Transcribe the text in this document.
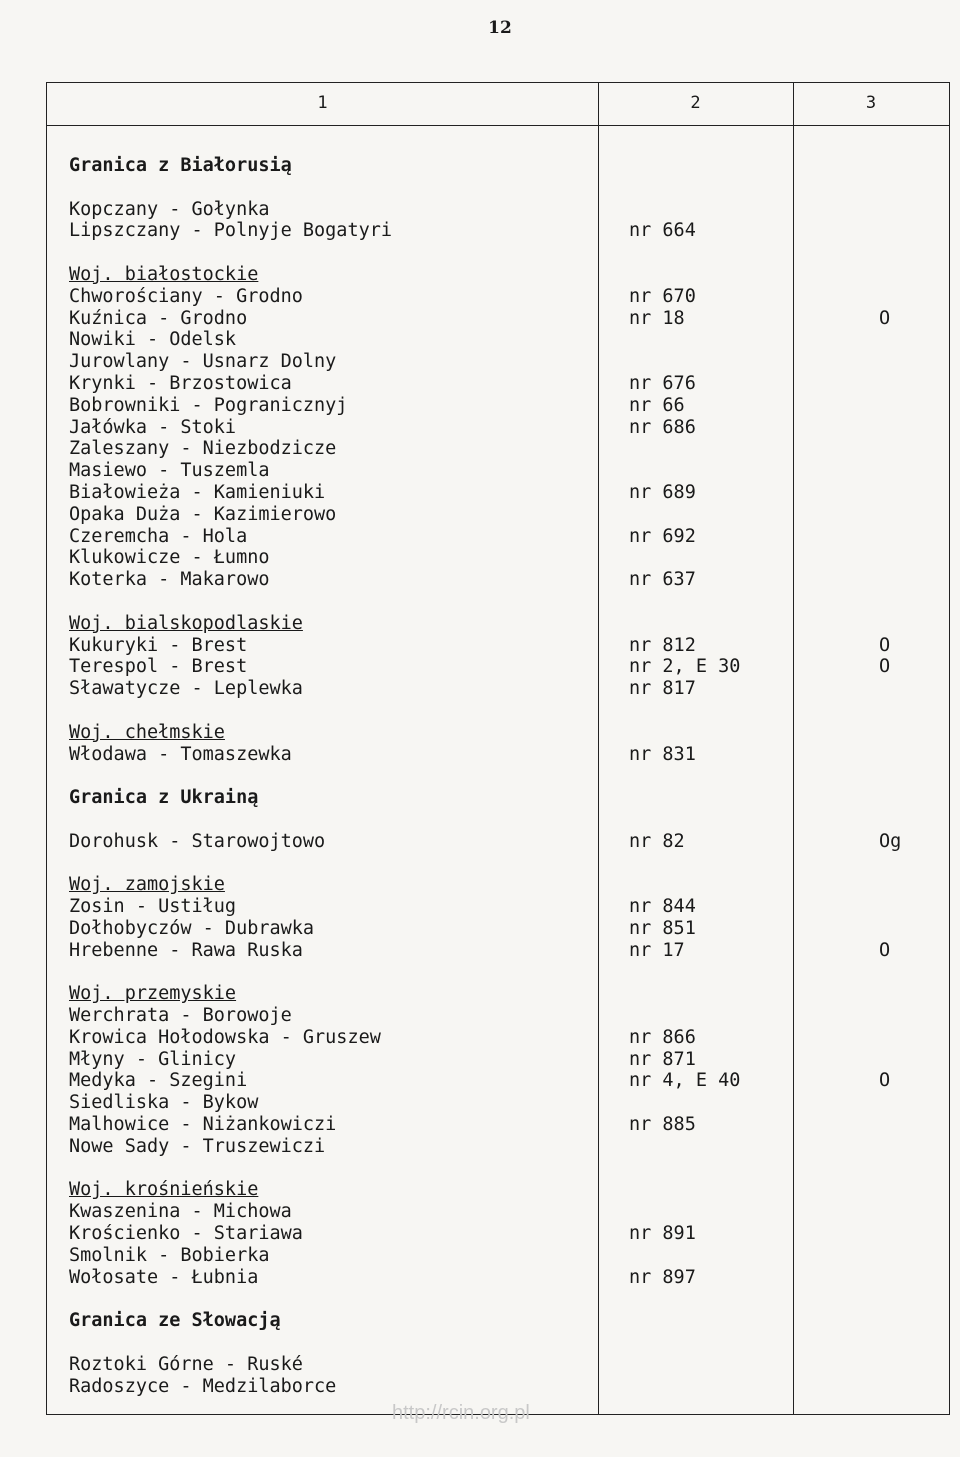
12
1	2	3
Granica z Białorusią
Kopczany - Gołynka
Lipszczany - Polnyje Bogatyri	nr 664
Woj. białostockie
Chworościany - Grodno	nr 670
Kuźnica - Grodno	nr 18	O
Nowiki - Odelsk
Jurowlany - Usnarz Dolny
Krynki - Brzostowica	nr 676
Bobrowniki - Pogranicznyj	nr 66
Jałówka - Stoki	nr 686
Zaleszany - Niezbodzicze
Masiewo - Tuszemla
Białowieża - Kamieniuki	nr 689
Opaka Duża - Kazimierowo
Czeremcha - Hola	nr 692
Klukowicze - Łumno
Koterka - Makarowo	nr 637
Woj. bialskopodlaskie
Kukuryki - Brest	nr 812	O
Terespol - Brest	nr 2, E 30	O
Sławatycze - Leplewka	nr 817
Woj. chełmskie
Włodawa - Tomaszewka	nr 831
Granica z Ukrainą
Dorohusk - Starowojtowo	nr 82	Og
Woj. zamojskie
Zosin - Ustiług	nr 844
Dołhobyczów - Dubrawka	nr 851
Hrebenne - Rawa Ruska	nr 17	O
Woj. przemyskie
Werchrata - Borowoje
Krowica Hołodowska - Gruszew	nr 866
Młyny - Glinicy	nr 871
Medyka - Szegini	nr 4, E 40	O
Siedliska - Bykow
Malhowice - Niżankowiczi	nr 885
Nowe Sady - Truszewiczi
Woj. krośnieńskie
Kwaszenina - Michowa
Krościenko - Stariawa	nr 891
Smolnik - Bobierka
Wołosate - Łubnia	nr 897
Granica ze Słowacją
Roztoki Górne - Ruské
Radoszyce - Medzilaborce
http://rcin.org.pl
